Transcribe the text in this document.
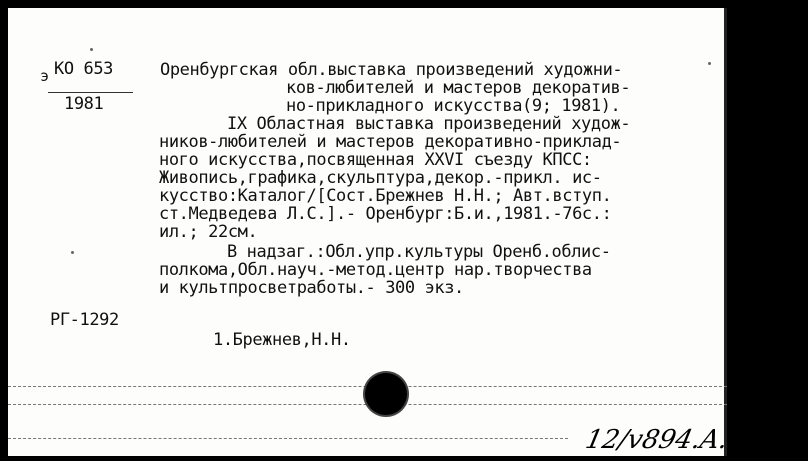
э КО 653
1981
РГ-1292
Оренбургская обл.выставка произведений художни-
ков-любителей и мастеров декоратив-
но-прикладного искусства(9; 1981).
IX Областная выставка произведений худож-
ников-любителей и мастеров декоративно-приклад-
ного искусства,посвященная XXVI съезду КПСС:
Живопись,графика,скульптура,декор.-прикл. ис-
кусство:Каталог/[Сост.Брежнев Н.Н.; Авт.вступ.
ст.Медведева Л.С.].- Оренбург:Б.и.,1981.-76с.:
ил.; 22см.
В надзаг.:Обл.упр.культуры Оренб.облис-
полкома,Обл.науч.-метод.центр нар.творчества
и культпросветработы.- 300 экз.
1.Брежнев,Н.Н.
12/v894.A.C.(кз)
